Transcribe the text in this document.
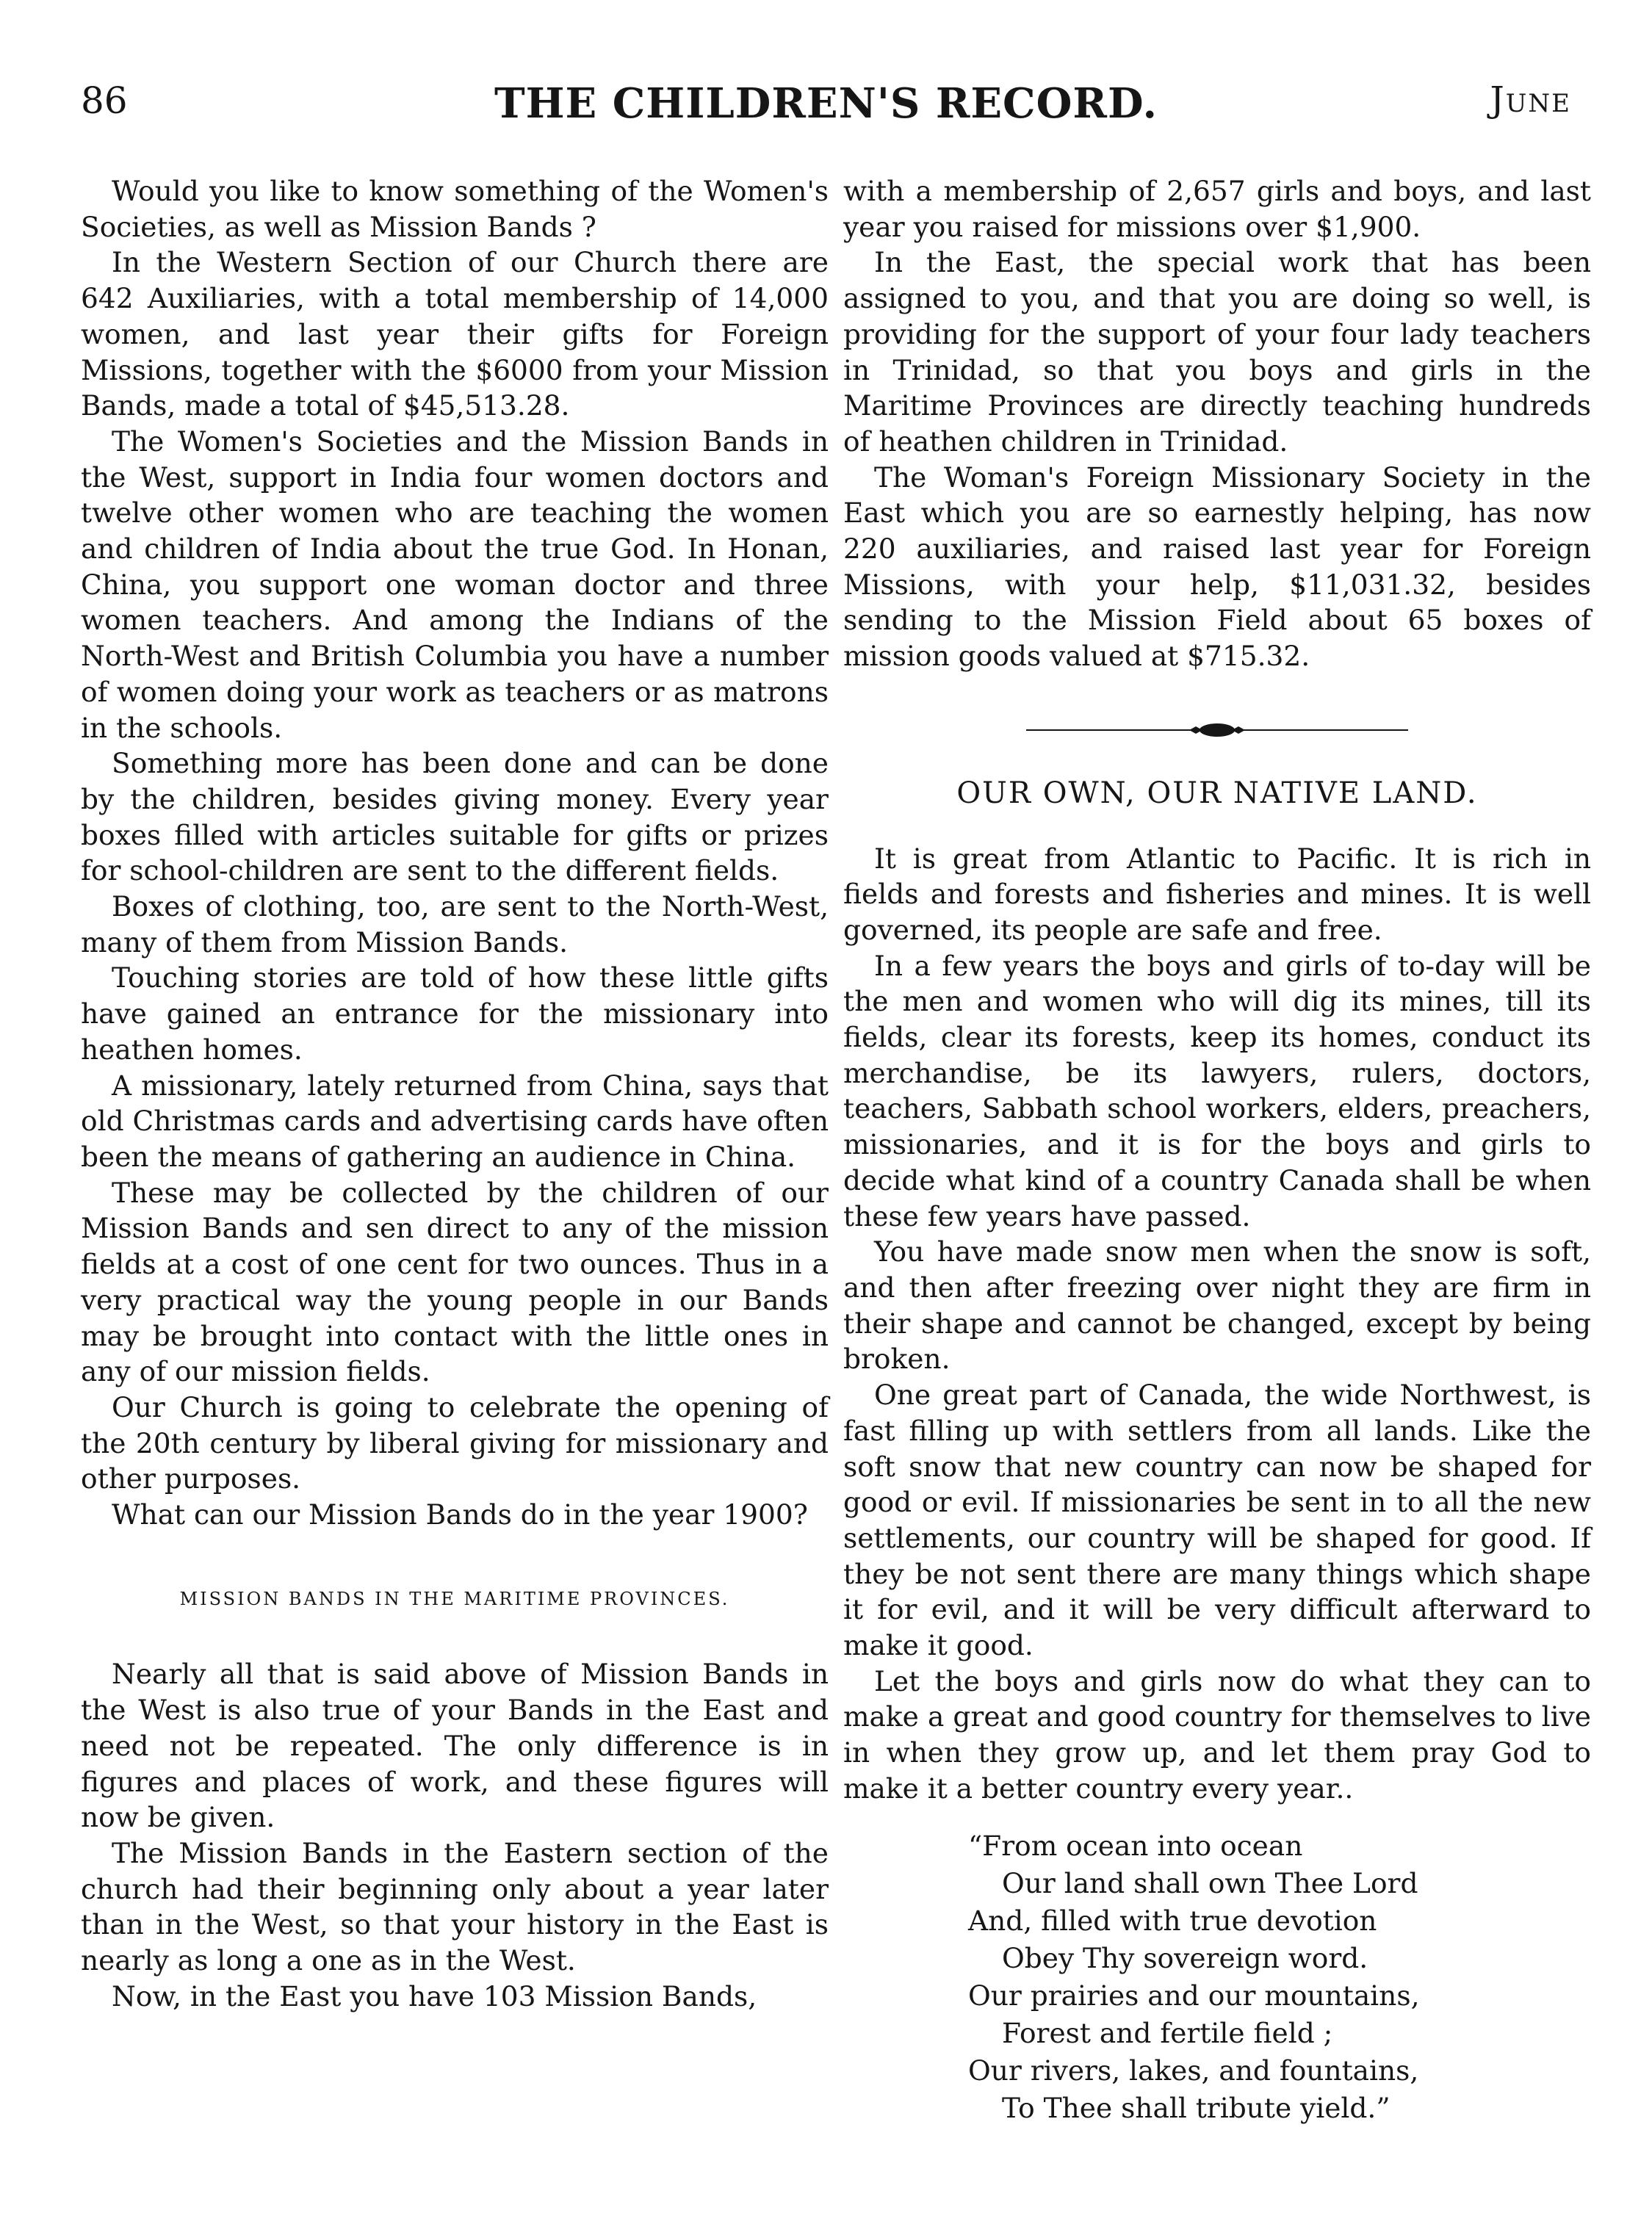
86	THE CHILDREN'S RECORD.	June

Would you like to know something of the Women's Societies, as well as Mission Bands ?

In the Western Section of our Church there are 642 Auxiliaries, with a total membership of 14,000 women, and last year their gifts for Foreign Missions, together with the $6000 from your Mission Bands, made a total of $45,513.28.

The Women's Societies and the Mission Bands in the West, support in India four women doctors and twelve other women who are teaching the women and children of India about the true God. In Honan, China, you support one woman doctor and three women teachers. And among the Indians of the North-West and British Columbia you have a number of women doing your work as teachers or as matrons in the schools.

Something more has been done and can be done by the children, besides giving money. Every year boxes filled with articles suitable for gifts or prizes for school-children are sent to the different fields.

Boxes of clothing, too, are sent to the North-West, many of them from Mission Bands.

Touching stories are told of how these little gifts have gained an entrance for the missionary into heathen homes.

A missionary, lately returned from China, says that old Christmas cards and advertising cards have often been the means of gathering an audience in China.

These may be collected by the children of our Mission Bands and sen direct to any of the mission fields at a cost of one cent for two ounces. Thus in a very practical way the young people in our Bands may be brought into contact with the little ones in any of our mission fields.

Our Church is going to celebrate the opening of the 20th century by liberal giving for missionary and other purposes.

What can our Mission Bands do in the year 1900?

MISSION BANDS IN THE MARITIME PROVINCES.

Nearly all that is said above of Mission Bands in the West is also true of your Bands in the East and need not be repeated. The only difference is in figures and places of work, and these figures will now be given.

The Mission Bands in the Eastern section of the church had their beginning only about a year later than in the West, so that your history in the East is nearly as long a one as in the West.

Now, in the East you have 103 Mission Bands,

with a membership of 2,657 girls and boys, and last year you raised for missions over $1,900.

In the East, the special work that has been assigned to you, and that you are doing so well, is providing for the support of your four lady teachers in Trinidad, so that you boys and girls in the Maritime Provinces are directly teaching hundreds of heathen children in Trinidad.

The Woman's Foreign Missionary Society in the East which you are so earnestly helping, has now 220 auxiliaries, and raised last year for Foreign Missions, with your help, $11,031.32, besides sending to the Mission Field about 65 boxes of mission goods valued at $715.32.

OUR OWN, OUR NATIVE LAND.

It is great from Atlantic to Pacific. It is rich in fields and forests and fisheries and mines. It is well governed, its people are safe and free.

In a few years the boys and girls of to-day will be the men and women who will dig its mines, till its fields, clear its forests, keep its homes, conduct its merchandise, be its lawyers, rulers, doctors, teachers, Sabbath school workers, elders, preachers, missionaries, and it is for the boys and girls to decide what kind of a country Canada shall be when these few years have passed.

You have made snow men when the snow is soft, and then after freezing over night they are firm in their shape and cannot be changed, except by being broken.

One great part of Canada, the wide Northwest, is fast filling up with settlers from all lands. Like the soft snow that new country can now be shaped for good or evil. If missionaries be sent in to all the new settlements, our country will be shaped for good. If they be not sent there are many things which shape it for evil, and it will be very difficult afterward to make it good.

Let the boys and girls now do what they can to make a great and good country for themselves to live in when they grow up, and let them pray God to make it a better country every year..

“From ocean into ocean
Our land shall own Thee Lord
And, filled with true devotion
Obey Thy sovereign word.
Our prairies and our mountains,
Forest and fertile field ;
Our rivers, lakes, and fountains,
To Thee shall tribute yield.”
